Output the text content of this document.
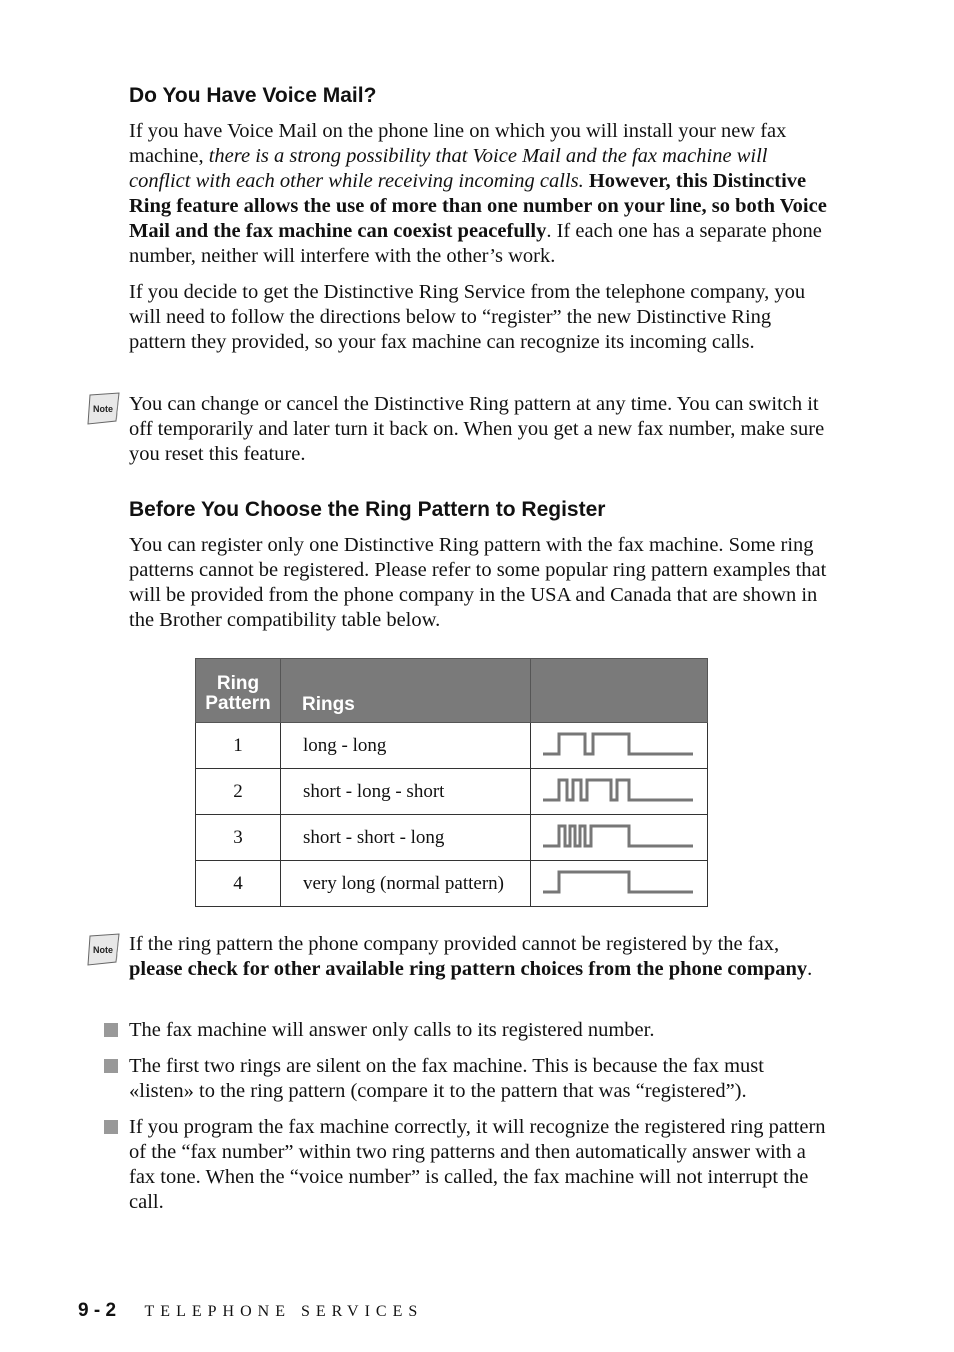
Do You Have Voice Mail?

If you have Voice Mail on the phone line on which you will install your new fax machine, there is a strong possibility that Voice Mail and the fax machine will conflict with each other while receiving incoming calls. However, this Distinctive Ring feature allows the use of more than one number on your line, so both Voice Mail and the fax machine can coexist peacefully. If each one has a separate phone number, neither will interfere with the other’s work.

If you decide to get the Distinctive Ring Service from the telephone company, you will need to follow the directions below to “register” the new Distinctive Ring pattern they provided, so your fax machine can recognize its incoming calls.

Note You can change or cancel the Distinctive Ring pattern at any time. You can switch it off temporarily and later turn it back on. When you get a new fax number, make sure you reset this feature.

Before You Choose the Ring Pattern to Register

You can register only one Distinctive Ring pattern with the fax machine. Some ring patterns cannot be registered. Please refer to some popular ring pattern examples that will be provided from the phone company in the USA and Canada that are shown in the Brother compatibility table below.

Ring
Pattern	Rings	
1	long - long	
2	short - long - short	
3	short - short - long	
4	very long (normal pattern)	
Note If the ring pattern the phone company provided cannot be registered by the fax, please check for other available ring pattern choices from the phone company.

The fax machine will answer only calls to its registered number.

The first two rings are silent on the fax machine. This is because the fax must «listen» to the ring pattern (compare it to the pattern that was “registered”).

If you program the fax machine correctly, it will recognize the registered ring pattern of the “fax number” within two ring patterns and then automatically answer with a fax tone. When the “voice number” is called, the fax machine will not interrupt the call.

9 - 2 TELEPHONE SERVICES
